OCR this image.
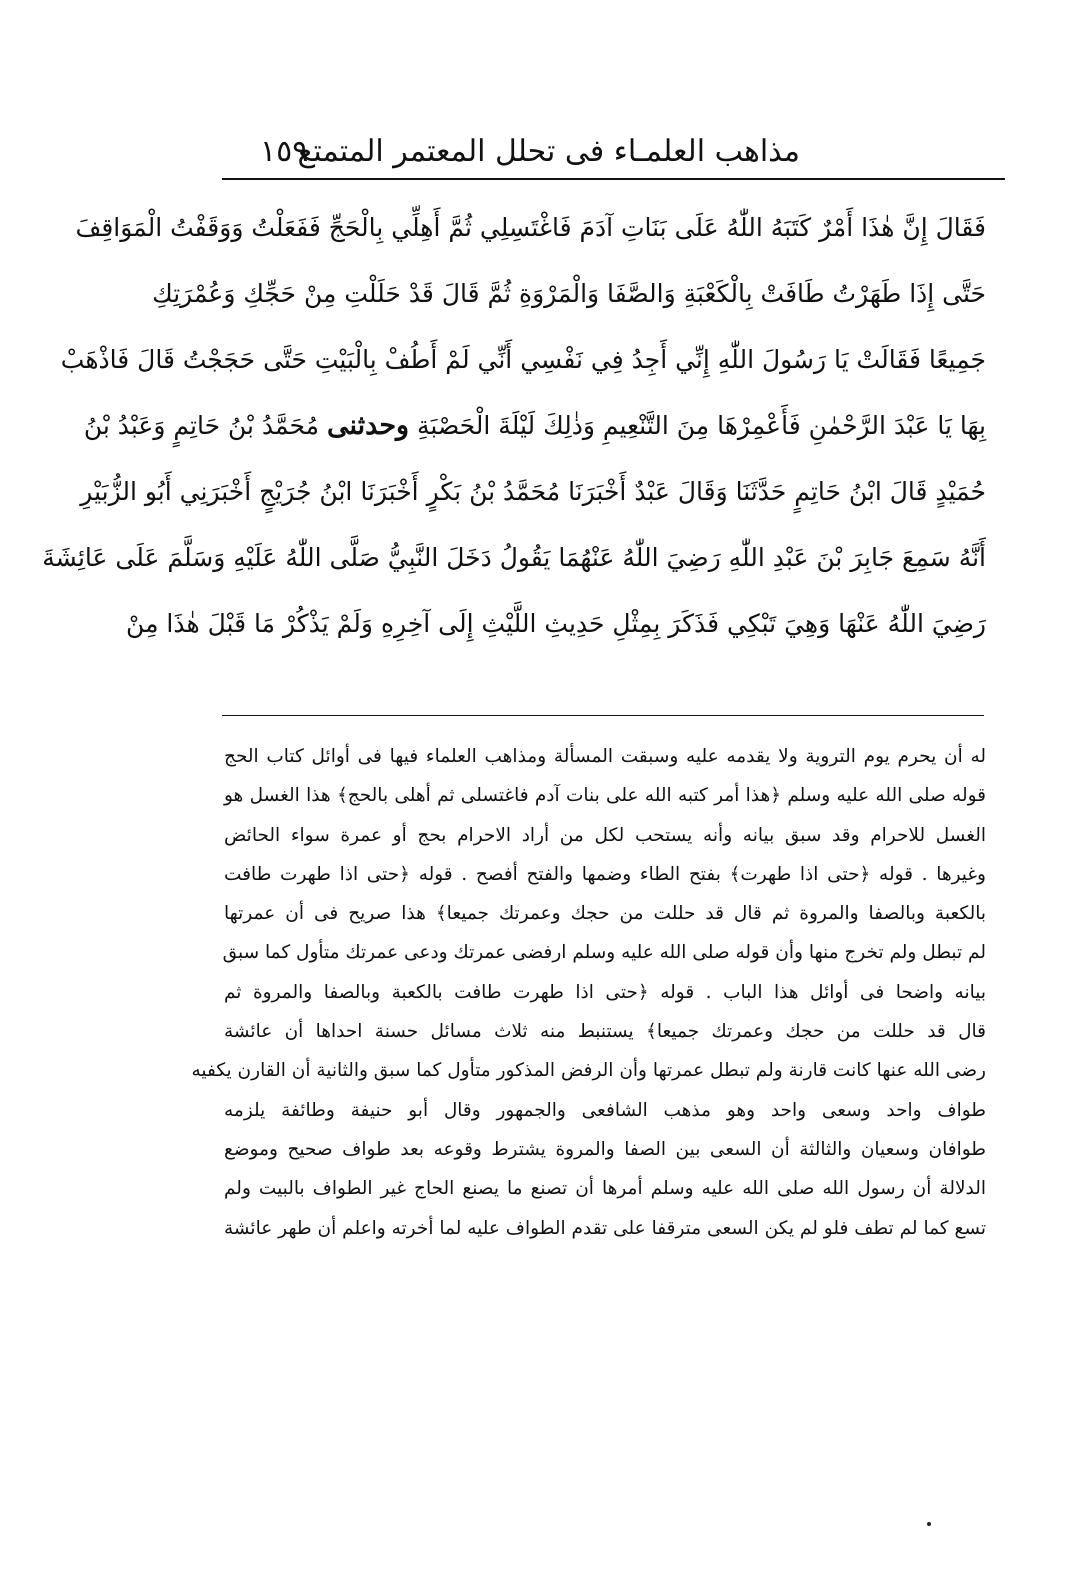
مذاهب العلمـاء فى تحلل المعتمر المتمتع
١٥٩
فَقَالَ إِنَّ هٰذَا أَمْرٌ كَتَبَهُ اللّٰهُ عَلَى بَنَاتِ آدَمَ فَاغْتَسِلِي ثُمَّ أَهِلِّي بِالْحَجِّ فَفَعَلْتُ وَوَقَفْتُ الْمَوَاقِفَ
حَتَّى إِذَا طَهَرْتُ طَافَتْ بِالْكَعْبَةِ وَالصَّفَا وَالْمَرْوَةِ ثُمَّ قَالَ قَدْ حَلَلْتِ مِنْ حَجِّكِ وَعُمْرَتِكِ
جَمِيعًا فَقَالَتْ يَا رَسُولَ اللّٰهِ إِنِّي أَجِدُ فِي نَفْسِي أَنِّي لَمْ أَطُفْ بِالْبَيْتِ حَتَّى حَجَجْتُ قَالَ فَاذْهَبْ
بِهَا يَا عَبْدَ الرَّحْمٰنِ فَأَعْمِرْهَا مِنَ التَّنْعِيمِ وَذٰلِكَ لَيْلَةَ الْحَصْبَةِ وحدثنى مُحَمَّدُ بْنُ حَاتِمٍ وَعَبْدُ بْنُ
حُمَيْدٍ قَالَ ابْنُ حَاتِمٍ حَدَّثَنَا وَقَالَ عَبْدٌ أَخْبَرَنَا مُحَمَّدُ بْنُ بَكْرٍ أَخْبَرَنَا ابْنُ جُرَيْجٍ أَخْبَرَنِي أَبُو الزُّبَيْرِ
أَنَّهُ سَمِعَ جَابِرَ بْنَ عَبْدِ اللّٰهِ رَضِيَ اللّٰهُ عَنْهُمَا يَقُولُ دَخَلَ النَّبِيُّ صَلَّى اللّٰهُ عَلَيْهِ وَسَلَّمَ عَلَى عَائِشَةَ
رَضِيَ اللّٰهُ عَنْهَا وَهِيَ تَبْكِي فَذَكَرَ بِمِثْلِ حَدِيثِ اللَّيْثِ إِلَى آخِرِهِ وَلَمْ يَذْكُرْ مَا قَبْلَ هٰذَا مِنْ
له أن يحرم يوم التروية ولا يقدمه عليه وسبقت المسألة ومذاهب العلماء فيها فى أوائل كتاب الحج
قوله صلى الله عليه وسلم ﴿هذا أمر كتبه الله على بنات آدم فاغتسلى ثم أهلى بالحج﴾ هذا الغسل هو
الغسل للاحرام وقد سبق بيانه وأنه يستحب لكل من أراد الاحرام بحج أو عمرة سواء الحائض
وغيرها . قوله ﴿حتى اذا طهرت﴾ بفتح الطاء وضمها والفتح أفصح . قوله ﴿حتى اذا طهرت طافت
بالكعبة وبالصفا والمروة ثم قال قد حللت من حجك وعمرتك جميعا﴾ هذا صريح فى أن عمرتها
لم تبطل ولم تخرج منها وأن قوله صلى الله عليه وسلم ارفضى عمرتك ودعى عمرتك متأول كما سبق
بيانه واضحا فى أوائل هذا الباب . قوله ﴿حتى اذا طهرت طافت بالكعبة وبالصفا والمروة ثم
قال قد حللت من حجك وعمرتك جميعا﴾ يستنبط منه ثلاث مسائل حسنة احداها أن عائشة
رضى الله عنها كانت قارنة ولم تبطل عمرتها وأن الرفض المذكور متأول كما سبق والثانية أن القارن يكفيه
طواف واحد وسعى واحد وهو مذهب الشافعى والجمهور وقال أبو حنيفة وطائفة يلزمه
طوافان وسعيان والثالثة أن السعى بين الصفا والمروة يشترط وقوعه بعد طواف صحيح وموضع
الدلالة أن رسول الله صلى الله عليه وسلم أمرها أن تصنع ما يصنع الحاج غير الطواف بالبيت ولم
تسع كما لم تطف فلو لم يكن السعى مترقفا على تقدم الطواف عليه لما أخرته واعلم أن طهر عائشة
